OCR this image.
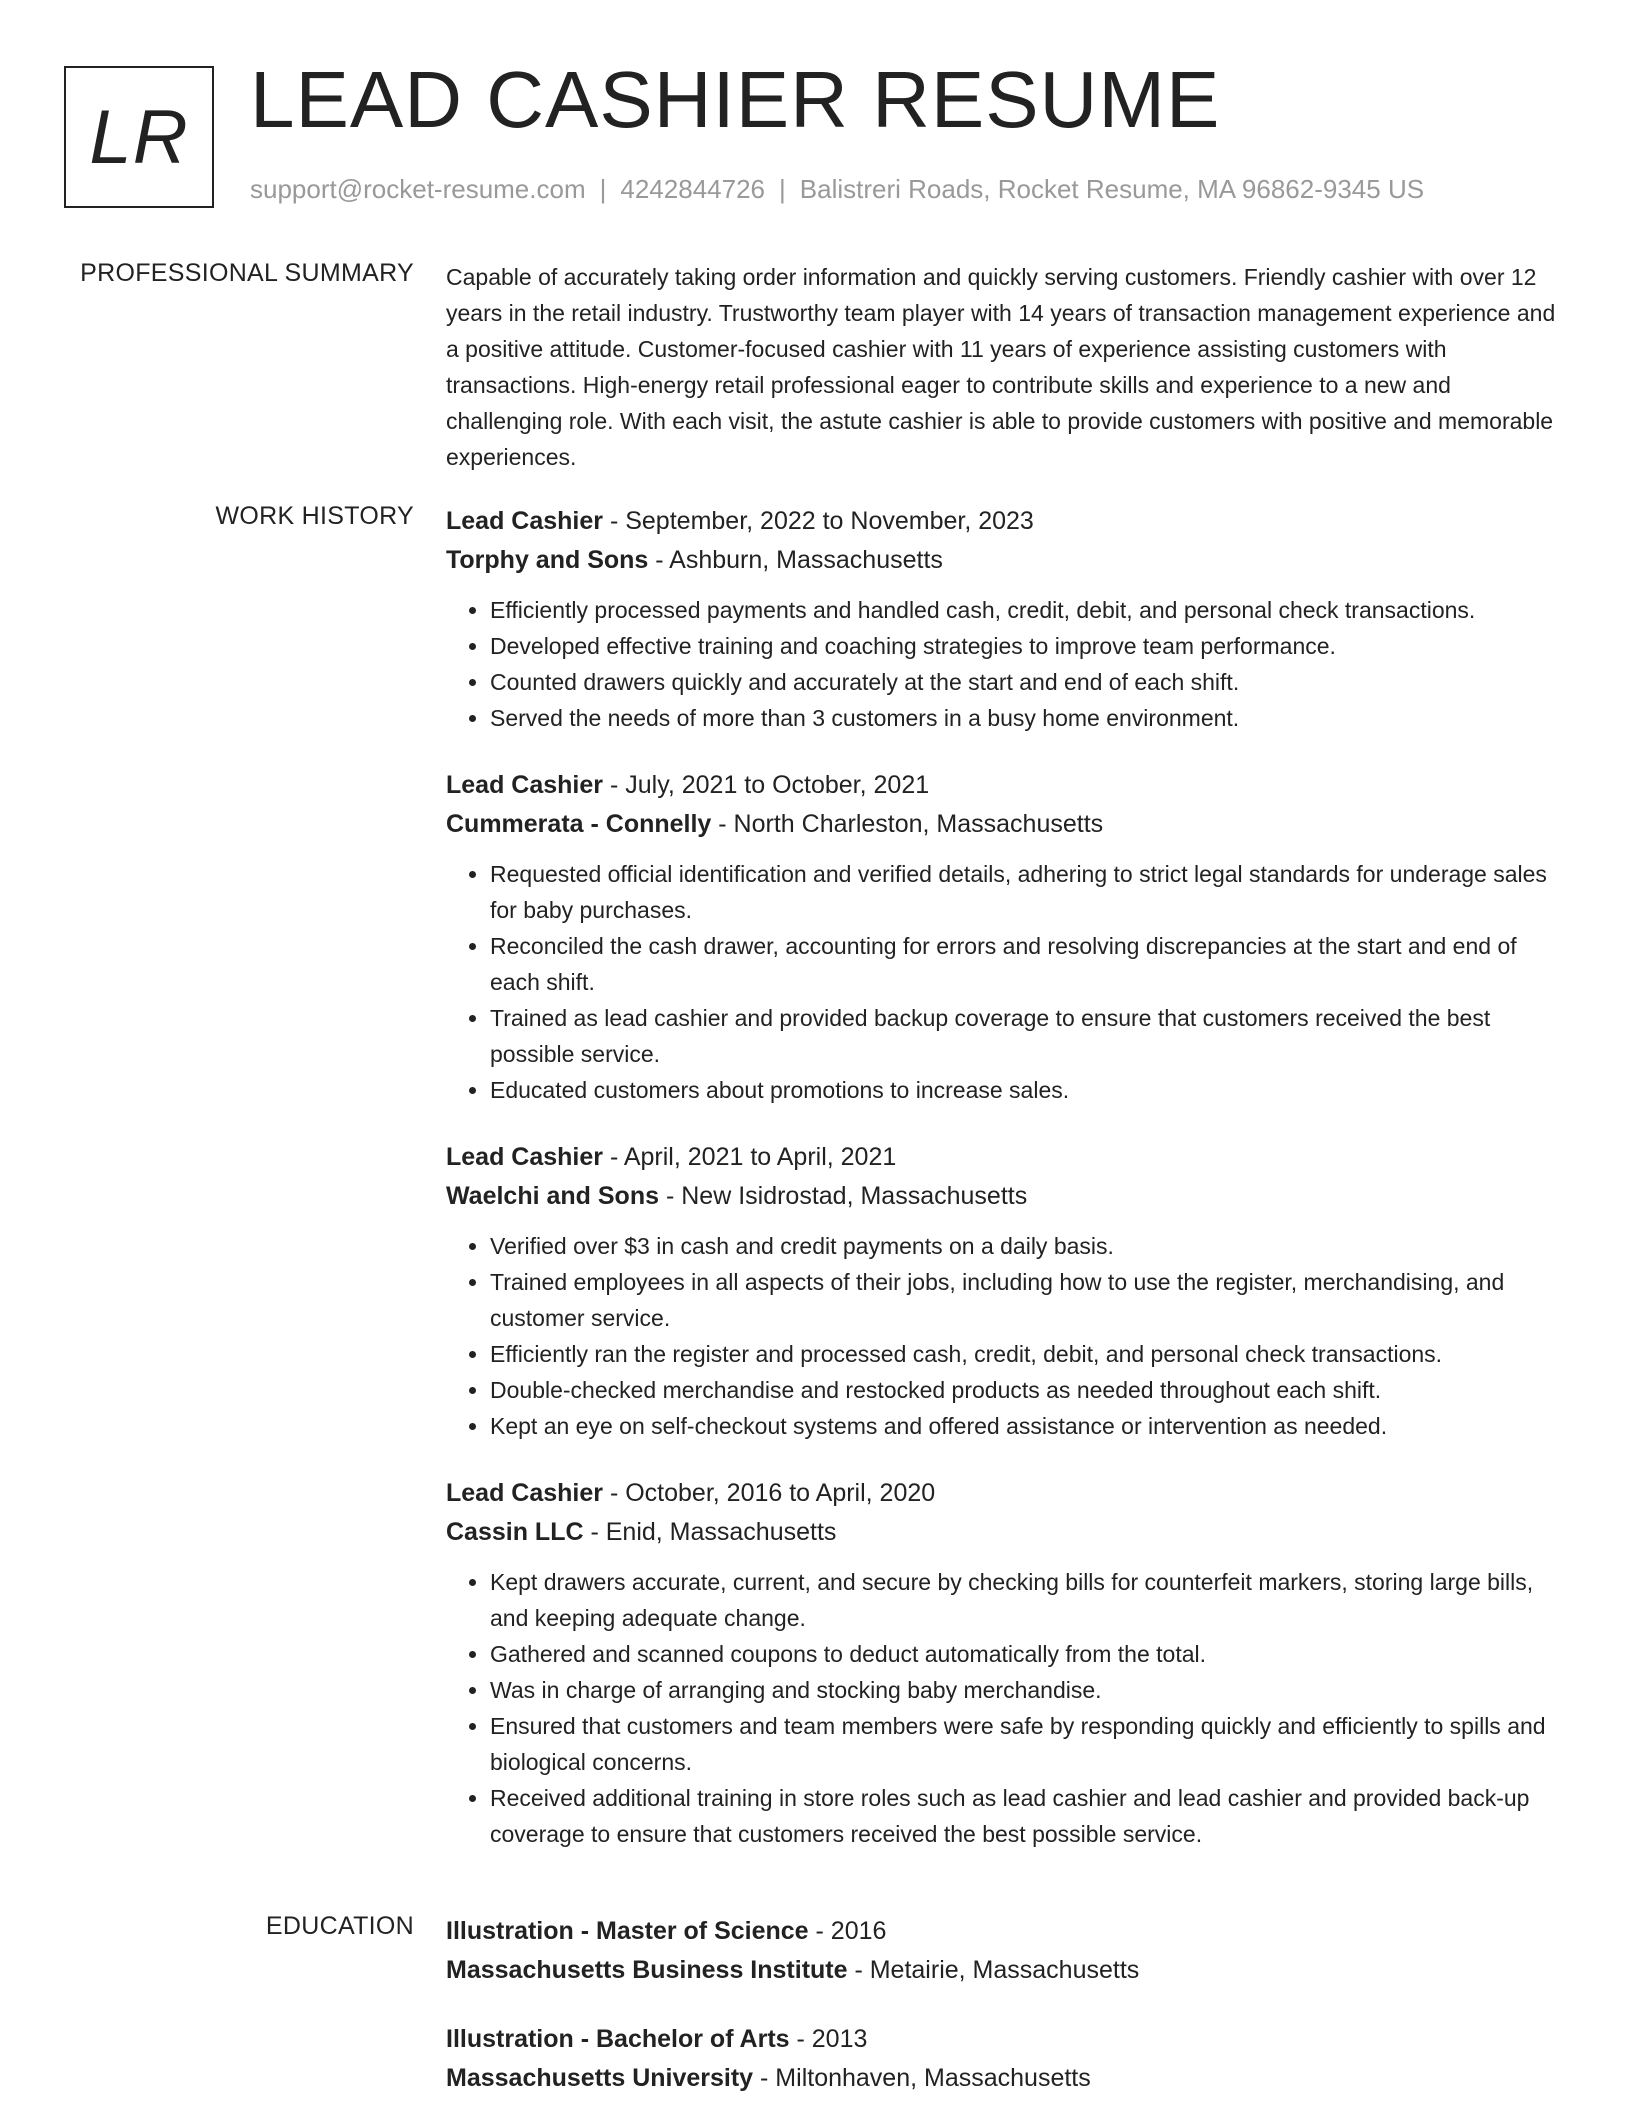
LR LEAD CASHIER RESUME
support@rocket-resume.com | 4242844726 | Balistreri Roads, Rocket Resume, MA 96862-9345 US
PROFESSIONAL SUMMARY Capable of accurately taking order information and quickly serving customers. Friendly cashier with over 12 years in the retail industry. Trustworthy team player with 14 years of transaction management experience and a positive attitude. Customer-focused cashier with 11 years of experience assisting customers with transactions. High-energy retail professional eager to contribute skills and experience to a new and challenging role. With each visit, the astute cashier is able to provide customers with positive and memorable experiences.

WORK HISTORY Lead Cashier - September, 2022 to November, 2023
Torphy and Sons - Ashburn, Massachusetts
• Efficiently processed payments and handled cash, credit, debit, and personal check transactions.
• Developed effective training and coaching strategies to improve team performance.
• Counted drawers quickly and accurately at the start and end of each shift.
• Served the needs of more than 3 customers in a busy home environment.
Lead Cashier - July, 2021 to October, 2021
Cummerata - Connelly - North Charleston, Massachusetts
• Requested official identification and verified details, adhering to strict legal standards for underage sales for baby purchases.
• Reconciled the cash drawer, accounting for errors and resolving discrepancies at the start and end of each shift.
• Trained as lead cashier and provided backup coverage to ensure that customers received the best possible service.
• Educated customers about promotions to increase sales.
Lead Cashier - April, 2021 to April, 2021
Waelchi and Sons - New Isidrostad, Massachusetts
• Verified over $3 in cash and credit payments on a daily basis.
• Trained employees in all aspects of their jobs, including how to use the register, merchandising, and customer service.
• Efficiently ran the register and processed cash, credit, debit, and personal check transactions.
• Double-checked merchandise and restocked products as needed throughout each shift.
• Kept an eye on self-checkout systems and offered assistance or intervention as needed.
Lead Cashier - October, 2016 to April, 2020
Cassin LLC - Enid, Massachusetts
• Kept drawers accurate, current, and secure by checking bills for counterfeit markers, storing large bills, and keeping adequate change.
• Gathered and scanned coupons to deduct automatically from the total.
• Was in charge of arranging and stocking baby merchandise.
• Ensured that customers and team members were safe by responding quickly and efficiently to spills and biological concerns.
• Received additional training in store roles such as lead cashier and lead cashier and provided back-up coverage to ensure that customers received the best possible service.
EDUCATION Illustration - Master of Science - 2016
Massachusetts Business Institute - Metairie, Massachusetts
Illustration - Bachelor of Arts - 2013
Massachusetts University - Miltonhaven, Massachusetts
